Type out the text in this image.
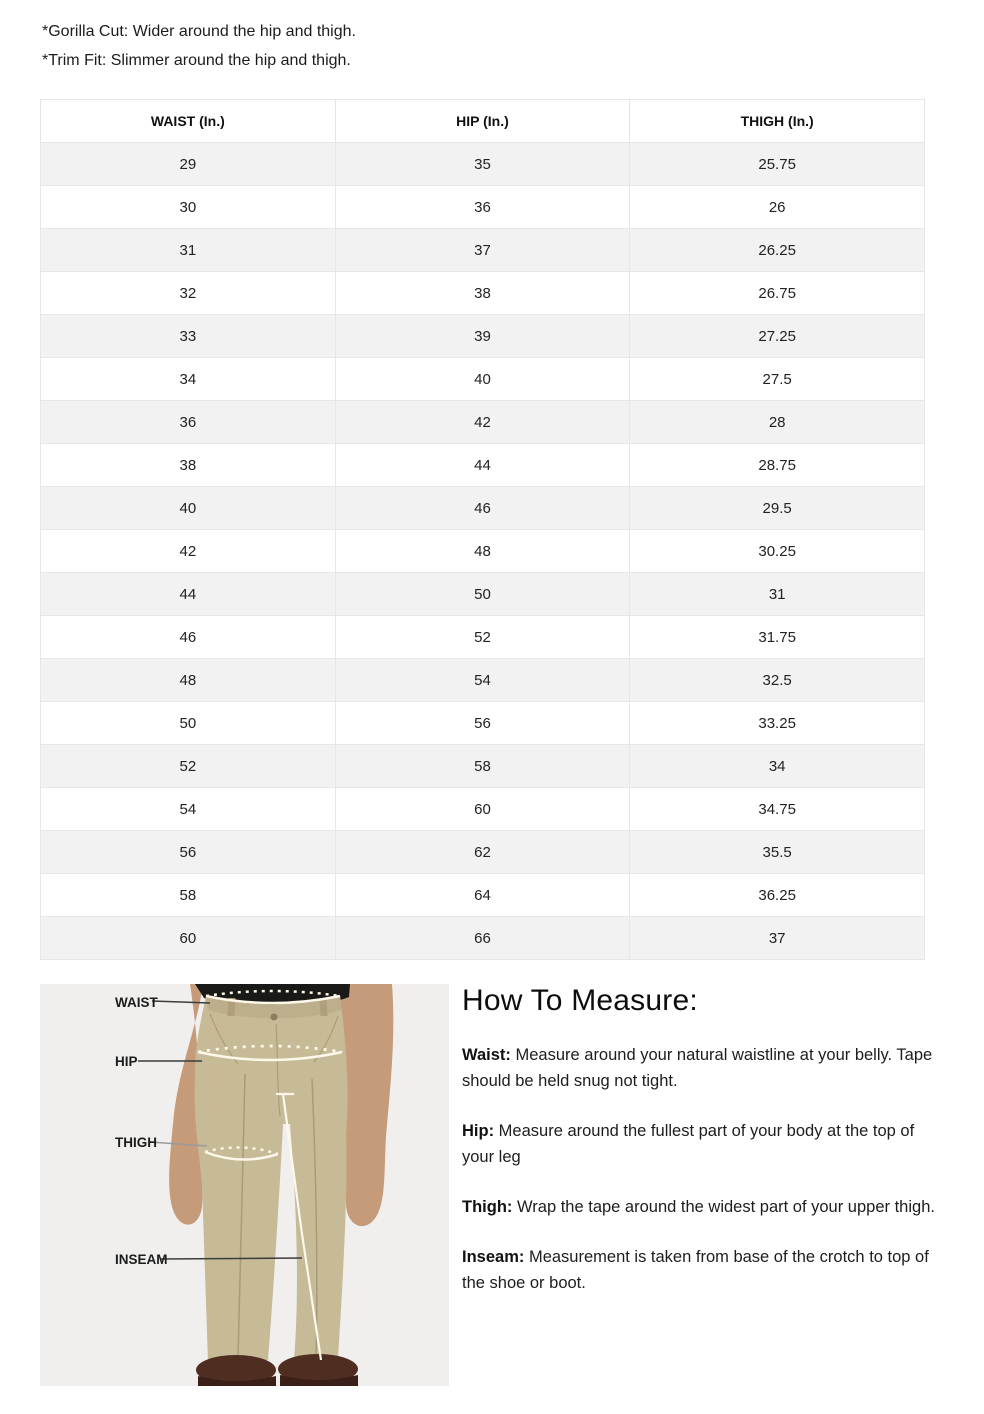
*Gorilla Cut: Wider around the hip and thigh.
*Trim Fit: Slimmer around the hip and thigh.
WAIST (In.)	HIP (In.)	THIGH (In.)
29	35	25.75
30	36	26
31	37	26.25
32	38	26.75
33	39	27.25
34	40	27.5
36	42	28
38	44	28.75
40	46	29.5
42	48	30.25
44	50	31
46	52	31.75
48	54	32.5
50	56	33.25
52	58	34
54	60	34.75
56	62	35.5
58	64	36.25
60	66	37
WAIST
HIP
THIGH
INSEAM
How To Measure:

Waist: Measure around your natural waistline at your belly. Tape should be held snug not tight.

Hip: Measure around the fullest part of your body at the top of your leg

Thigh: Wrap the tape around the widest part of your upper thigh.

Inseam: Measurement is taken from base of the crotch to top of the shoe or boot.
